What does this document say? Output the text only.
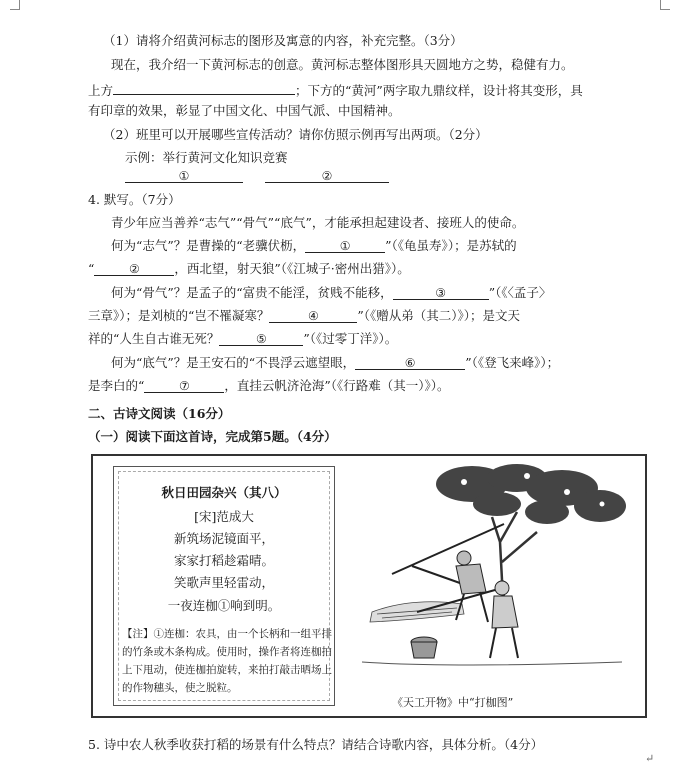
（1）请将介绍黄河标志的图形及寓意的内容，补充完整。（3分）
现在，我介绍一下黄河标志的创意。黄河标志整体图形具天圆地方之势，稳健有力。
上方	；下方的“黄河”两字取九鼎纹样，设计将其变形，具
有印章的效果，彰显了中国文化、中国气派、中国精神。
（2）班里可以开展哪些宣传活动？请你仿照示例再写出两项。（2分）
示例：举行黄河文化知识竞赛
①	②
4. 默写。（7分）
青少年应当善养“志气”“骨气”“底气”，才能承担起建设者、接班人的使命。
何为“志气”？是曹操的“老骥伏枥，	①	”（《龟虽寿》）；是苏轼的
“	②	，西北望，射天狼”（《江城子·密州出猎》）。
何为“骨气”？是孟子的“富贵不能淫，贫贱不能移，	③	”（《〈孟子〉
三章》）；是刘桢的“岂不罹凝寒？	④	”（《赠从弟（其二）》）；是文天
祥的“人生自古谁无死？	⑤	”（《过零丁洋》）。
何为“底气”？是王安石的“不畏浮云遮望眼，	⑥	”（《登飞来峰》）；
是李白的“	⑦	，直挂云帆济沧海”（《行路难（其一）》）。
二、古诗文阅读（16分）
（一）阅读下面这首诗，完成第5题。（4分）
秋日田园杂兴（其八）
[宋]范成大
新筑场泥镜面平，
家家打稻趁霜晴。
笑歌声里轻雷动，
一夜连枷①响到明。
【注】①连枷：农具，由一个长柄和一组平排
的竹条或木条构成。使用时，操作者将连枷拍
上下甩动，使连枷拍旋转，来拍打敲击晒场上
的作物穗头，使之脱粒。
《天工开物》中“打枷图”
5. 诗中农人秋季收获打稻的场景有什么特点？请结合诗歌内容，具体分析。（4分）
↵
